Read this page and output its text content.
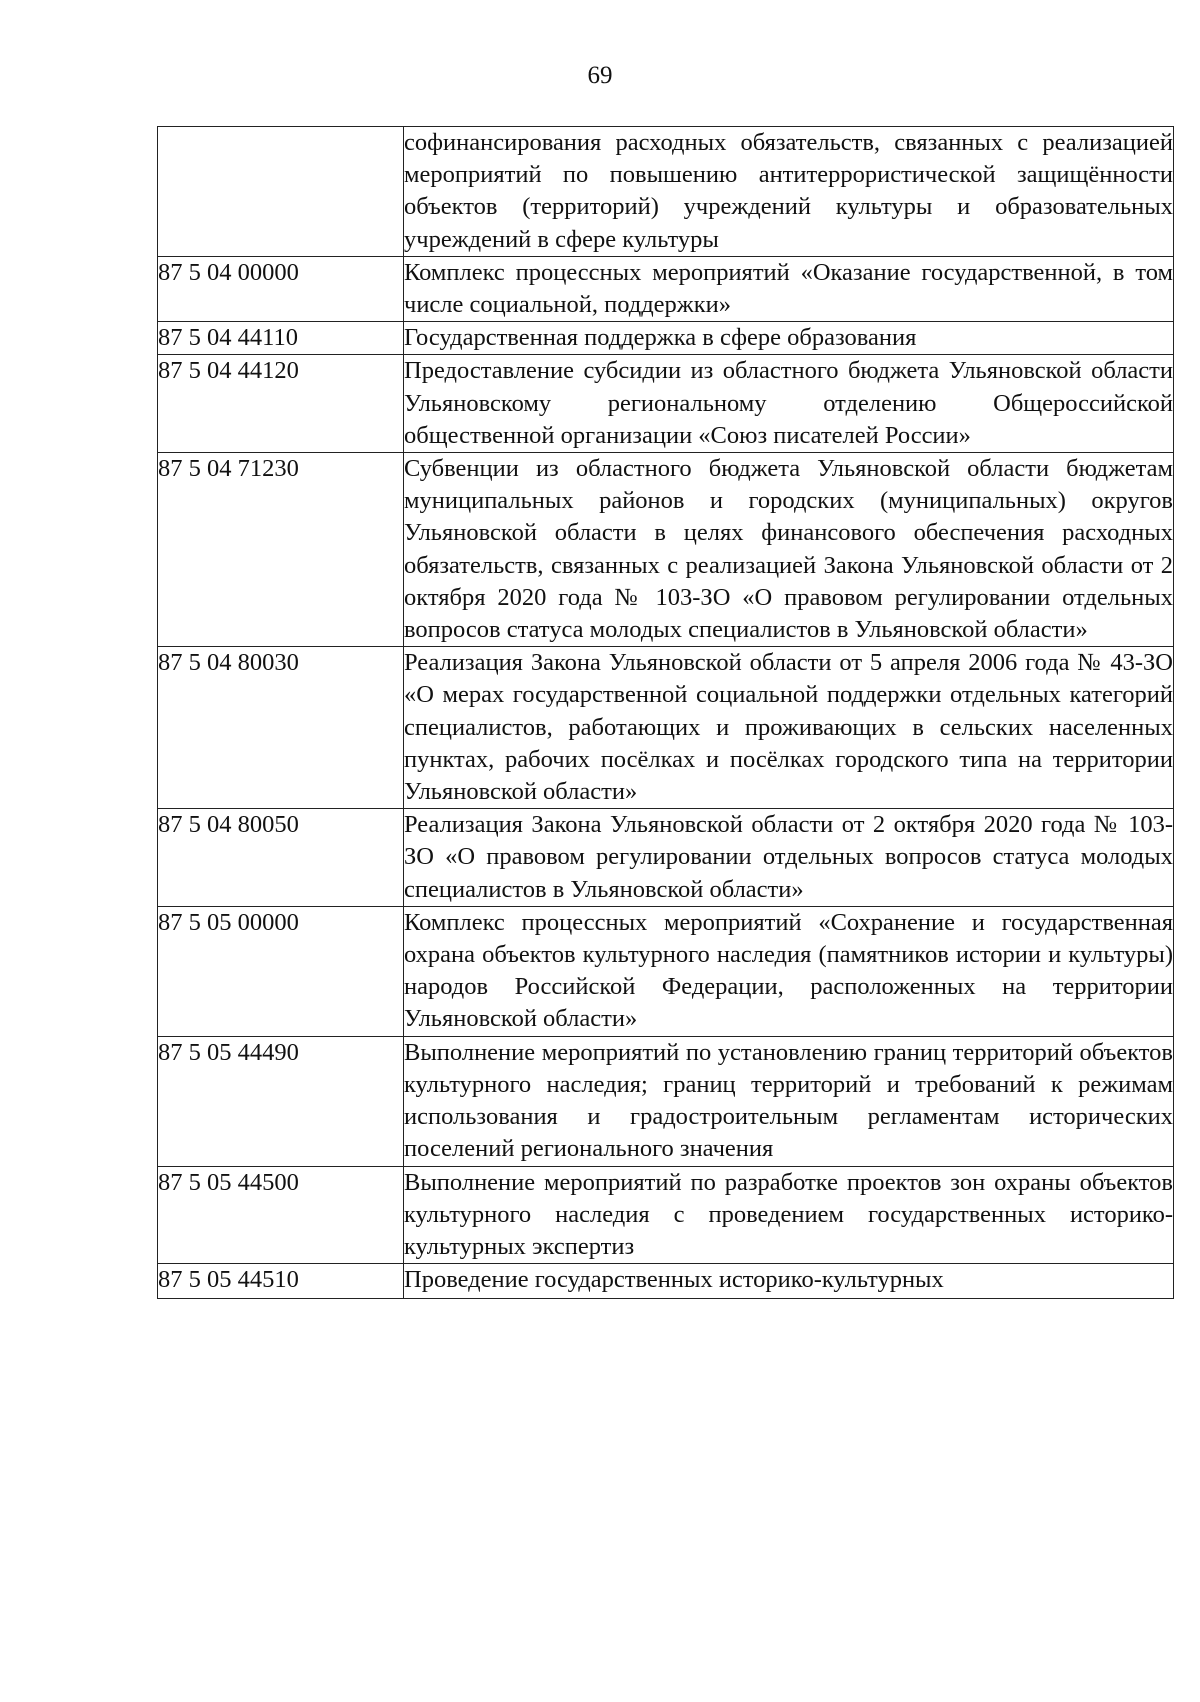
69

	софинансирования расходных обязательств, связанных с реализацией мероприятий по повышению антитеррористической защищённости объектов (территорий) учреждений культуры и образовательных учреждений в сфере культуры

87 5 04 00000	Комплекс процессных мероприятий «Оказание государственной, в том числе социальной, поддержки»

87 5 04 44110	Государственная поддержка в сфере образования

87 5 04 44120	Предоставление субсидии из областного бюджета Ульяновской области Ульяновскому региональному отделению Общероссийской общественной организации «Союз писателей России»

87 5 04 71230	Субвенции из областного бюджета Ульяновской области бюджетам муниципальных районов и городских (муниципальных) округов Ульяновской области в целях финансового обеспечения расходных обязательств, связанных с реализацией Закона Ульяновской области от 2 октября 2020 года № 103-ЗО «О правовом регулировании отдельных вопросов статуса молодых специалистов в Ульяновской области»

87 5 04 80030	Реализация Закона Ульяновской области от 5 апреля 2006 года № 43-ЗО «О мерах государственной социальной поддержки отдельных категорий специалистов, работающих и проживающих в сельских населенных пунктах, рабочих посёлках и посёлках городского типа на территории Ульяновской области»

87 5 04 80050	Реализация Закона Ульяновской области от 2 октября 2020 года № 103-ЗО «О правовом регулировании отдельных вопросов статуса молодых специалистов в Ульяновской области»

87 5 05 00000	Комплекс процессных мероприятий «Сохранение и государственная охрана объектов культурного наследия (памятников истории и культуры) народов Российской Федерации, расположенных на территории Ульяновской области»

87 5 05 44490	Выполнение мероприятий по установлению границ территорий объектов культурного наследия; границ территорий и требований к режимам использования и градостроительным регламентам исторических поселений регионального значения

87 5 05 44500	Выполнение мероприятий по разработке проектов зон охраны объектов культурного наследия с проведением государственных историко-культурных экспертиз

87 5 05 44510	Проведение государственных историко-культурных
